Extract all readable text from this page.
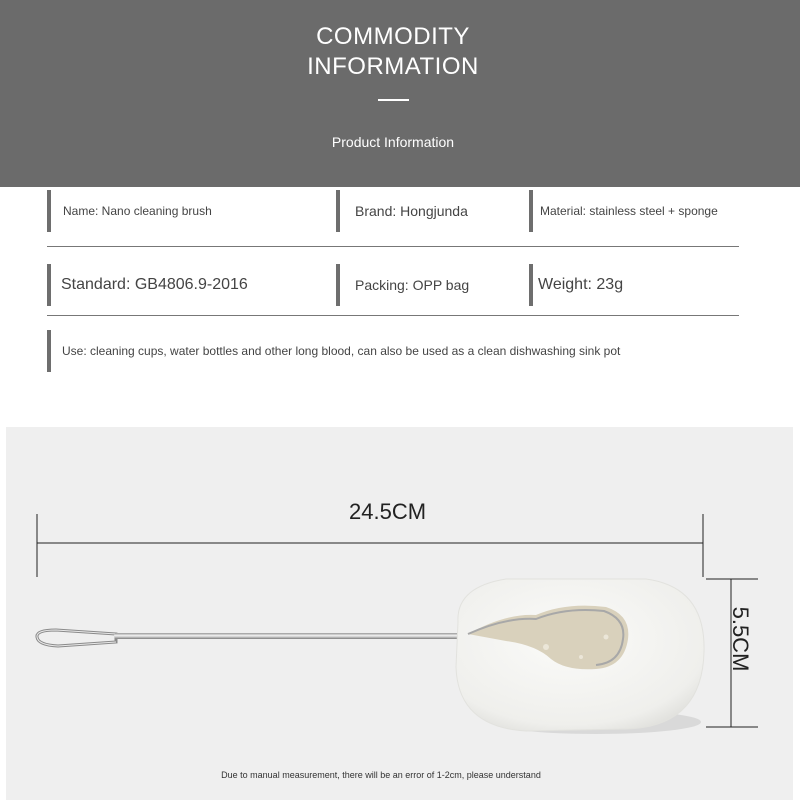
COMMODITY
INFORMATION
Product Information
Name: Nano cleaning brush	Brand: Hongjunda	Material: stainless steel + sponge
Standard: GB4806.9-2016	Packing: OPP bag	Weight: 23g
Use: cleaning cups, water bottles and other long blood, can also be used as a clean dishwashing sink pot
24.5CM
5.5CM
Due to manual measurement, there will be an error of 1-2cm, please understand
